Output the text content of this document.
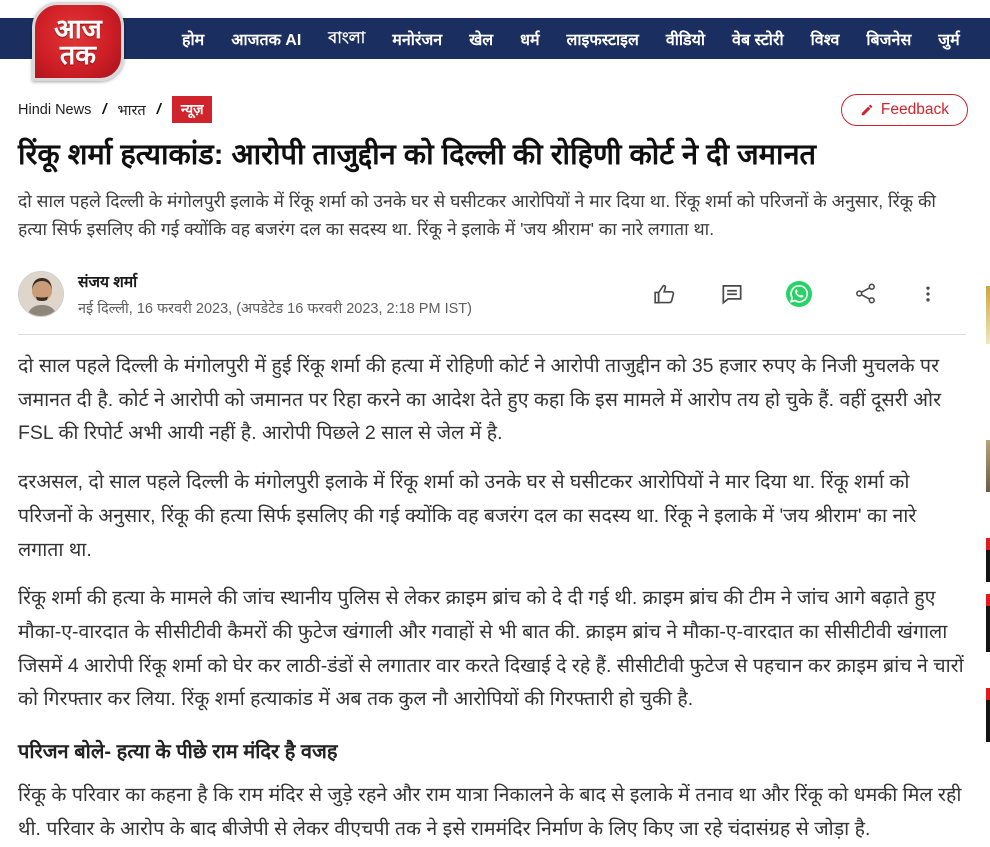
होम आजतक AI বাংলা मनोरंजन खेल धर्म लाइफस्टाइल वीडियो वेब स्टोरी विश्व बिजनेस जुर्म
आज
तक
Hindi News / भारत /	न्यूज़	Feedback
रिंकू शर्मा हत्याकांड: आरोपी ताजुद्दीन को दिल्ली की रोहिणी कोर्ट ने दी जमानत

दो साल पहले दिल्ली के मंगोलपुरी इलाके में रिंकू शर्मा को उनके घर से घसीटकर आरोपियों ने मार दिया था. रिंकू शर्मा को परिजनों के अनुसार, रिंकू की हत्या सिर्फ इसलिए की गई क्योंकि वह बजरंग दल का सदस्य था. रिंकू ने इलाके में 'जय श्रीराम' का नारे लगाता था.

संजय शर्मा
नई दिल्ली, 16 फरवरी 2023, (अपडेटेड 16 फरवरी 2023, 2:18 PM IST)

दो साल पहले दिल्ली के मंगोलपुरी में हुई रिंकू शर्मा की हत्या में रोहिणी कोर्ट ने आरोपी ताजुद्दीन को 35 हजार रुपए के निजी मुचलके पर जमानत दी है. कोर्ट ने आरोपी को जमानत पर रिहा करने का आदेश देते हुए कहा कि इस मामले में आरोप तय हो चुके हैं. वहीं दूसरी ओर FSL की रिपोर्ट अभी आयी नहीं है. आरोपी पिछले 2 साल से जेल में है.

दरअसल, दो साल पहले दिल्ली के मंगोलपुरी इलाके में रिंकू शर्मा को उनके घर से घसीटकर आरोपियों ने मार दिया था. रिंकू शर्मा को परिजनों के अनुसार, रिंकू की हत्या सिर्फ इसलिए की गई क्योंकि वह बजरंग दल का सदस्य था. रिंकू ने इलाके में 'जय श्रीराम' का नारे लगाता था.

रिंकू शर्मा की हत्या के मामले की जांच स्थानीय पुलिस से लेकर क्राइम ब्रांच को दे दी गई थी. क्राइम ब्रांच की टीम ने जांच आगे बढ़ाते हुए मौका-ए-वारदात के सीसीटीवी कैमरों की फुटेज खंगाली और गवाहों से भी बात की. क्राइम ब्रांच ने मौका-ए-वारदात का सीसीटीवी खंगाला जिसमें 4 आरोपी रिंकू शर्मा को घेर कर लाठी-डंडों से लगातार वार करते दिखाई दे रहे हैं. सीसीटीवी फुटेज से पहचान कर क्राइम ब्रांच ने चारों को गिरफ्तार कर लिया. रिंकू शर्मा हत्याकांड में अब तक कुल नौ आरोपियों की गिरफ्तारी हो चुकी है.

परिजन बोले- हत्या के पीछे राम मंदिर है वजह

रिंकू के परिवार का कहना है कि राम मंदिर से जुड़े रहने और राम यात्रा निकालने के बाद से इलाके में तनाव था और रिंकू को धमकी मिल रही थी. परिवार के आरोप के बाद बीजेपी से लेकर वीएचपी तक ने इसे राममंदिर निर्माण के लिए किए जा रहे चंदासंग्रह से जोड़ा है.
